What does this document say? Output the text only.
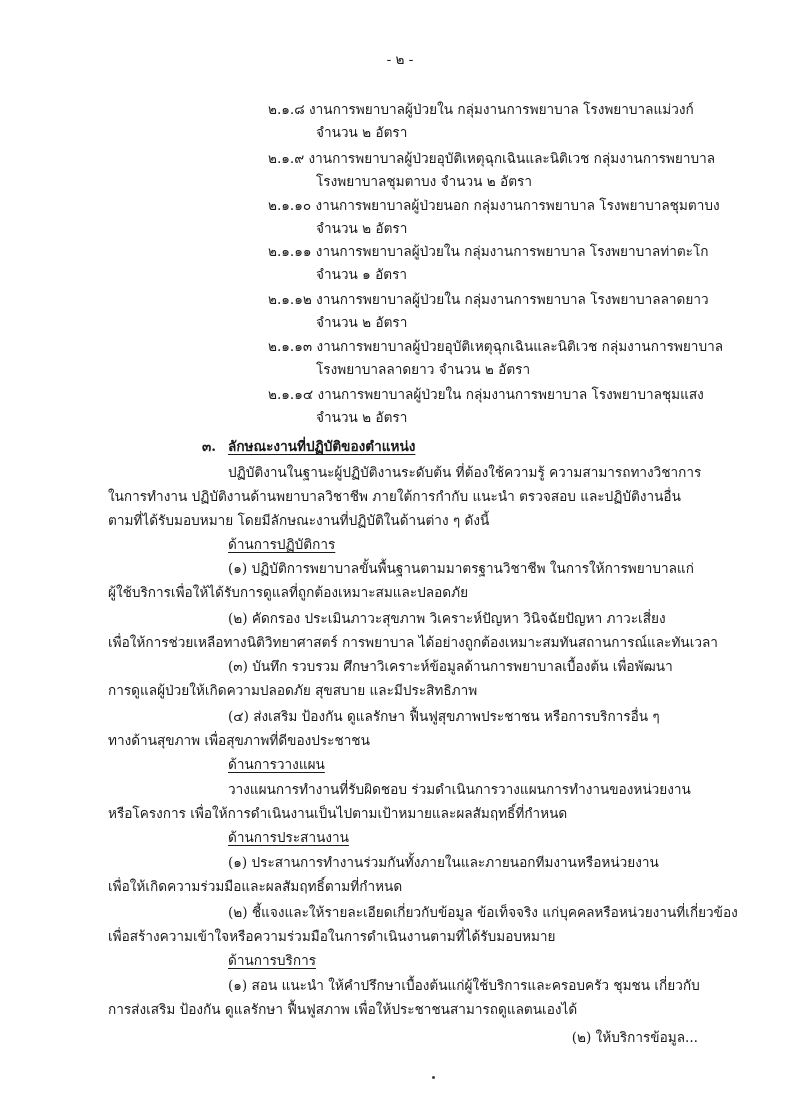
- ๒ -
๒.๑.๘ งานการพยาบาลผู้ป่วยใน กลุ่มงานการพยาบาล โรงพยาบาลแม่วงก์
จำนวน ๒ อัตรา
๒.๑.๙ งานการพยาบาลผู้ป่วยอุบัติเหตุฉุกเฉินและนิติเวช กลุ่มงานการพยาบาล
โรงพยาบาลชุมตาบง จำนวน ๒ อัตรา
๒.๑.๑๐ งานการพยาบาลผู้ป่วยนอก กลุ่มงานการพยาบาล โรงพยาบาลชุมตาบง
จำนวน ๒ อัตรา
๒.๑.๑๑ งานการพยาบาลผู้ป่วยใน กลุ่มงานการพยาบาล โรงพยาบาลท่าตะโก
จำนวน ๑ อัตรา
๒.๑.๑๒ งานการพยาบาลผู้ป่วยใน กลุ่มงานการพยาบาล โรงพยาบาลลาดยาว
จำนวน ๒ อัตรา
๒.๑.๑๓ งานการพยาบาลผู้ป่วยอุบัติเหตุฉุกเฉินและนิติเวช กลุ่มงานการพยาบาล
โรงพยาบาลลาดยาว จำนวน ๒ อัตรา
๒.๑.๑๔ งานการพยาบาลผู้ป่วยใน กลุ่มงานการพยาบาล โรงพยาบาลชุมแสง
จำนวน ๒ อัตรา
๓. ลักษณะงานที่ปฏิบัติของตำแหน่ง
ปฏิบัติงานในฐานะผู้ปฏิบัติงานระดับต้น ที่ต้องใช้ความรู้ ความสามารถทางวิชาการ
ในการทำงาน ปฏิบัติงานด้านพยาบาลวิชาชีพ ภายใต้การกำกับ แนะนำ ตรวจสอบ และปฏิบัติงานอื่น
ตามที่ได้รับมอบหมาย โดยมีลักษณะงานที่ปฏิบัติในด้านต่าง ๆ ดังนี้
ด้านการปฏิบัติการ
(๑) ปฏิบัติการพยาบาลขั้นพื้นฐานตามมาตรฐานวิชาชีพ ในการให้การพยาบาลแก่
ผู้ใช้บริการเพื่อให้ได้รับการดูแลที่ถูกต้องเหมาะสมและปลอดภัย
(๒) คัดกรอง ประเมินภาวะสุขภาพ วิเคราะห์ปัญหา วินิจฉัยปัญหา ภาวะเสี่ยง
เพื่อให้การช่วยเหลือทางนิติวิทยาศาสตร์ การพยาบาล ได้อย่างถูกต้องเหมาะสมทันสถานการณ์และทันเวลา
(๓) บันทึก รวบรวม ศึกษาวิเคราะห์ข้อมูลด้านการพยาบาลเบื้องต้น เพื่อพัฒนา
การดูแลผู้ป่วยให้เกิดความปลอดภัย สุขสบาย และมีประสิทธิภาพ
(๔) ส่งเสริม ป้องกัน ดูแลรักษา ฟื้นฟูสุขภาพประชาชน หรือการบริการอื่น ๆ
ทางด้านสุขภาพ เพื่อสุขภาพที่ดีของประชาชน
ด้านการวางแผน
วางแผนการทำงานที่รับผิดชอบ ร่วมดำเนินการวางแผนการทำงานของหน่วยงาน
หรือโครงการ เพื่อให้การดำเนินงานเป็นไปตามเป้าหมายและผลสัมฤทธิ์ที่กำหนด
ด้านการประสานงาน
(๑) ประสานการทำงานร่วมกันทั้งภายในและภายนอกทีมงานหรือหน่วยงาน
เพื่อให้เกิดความร่วมมือและผลสัมฤทธิ์ตามที่กำหนด
(๒) ชี้แจงและให้รายละเอียดเกี่ยวกับข้อมูล ข้อเท็จจริง แก่บุคคลหรือหน่วยงานที่เกี่ยวข้อง
เพื่อสร้างความเข้าใจหรือความร่วมมือในการดำเนินงานตามที่ได้รับมอบหมาย
ด้านการบริการ
(๑) สอน แนะนำ ให้คำปรึกษาเบื้องต้นแก่ผู้ใช้บริการและครอบครัว ชุมชน เกี่ยวกับ
การส่งเสริม ป้องกัน ดูแลรักษา ฟื้นฟูสภาพ เพื่อให้ประชาชนสามารถดูแลตนเองได้
(๒) ให้บริการข้อมูล...
